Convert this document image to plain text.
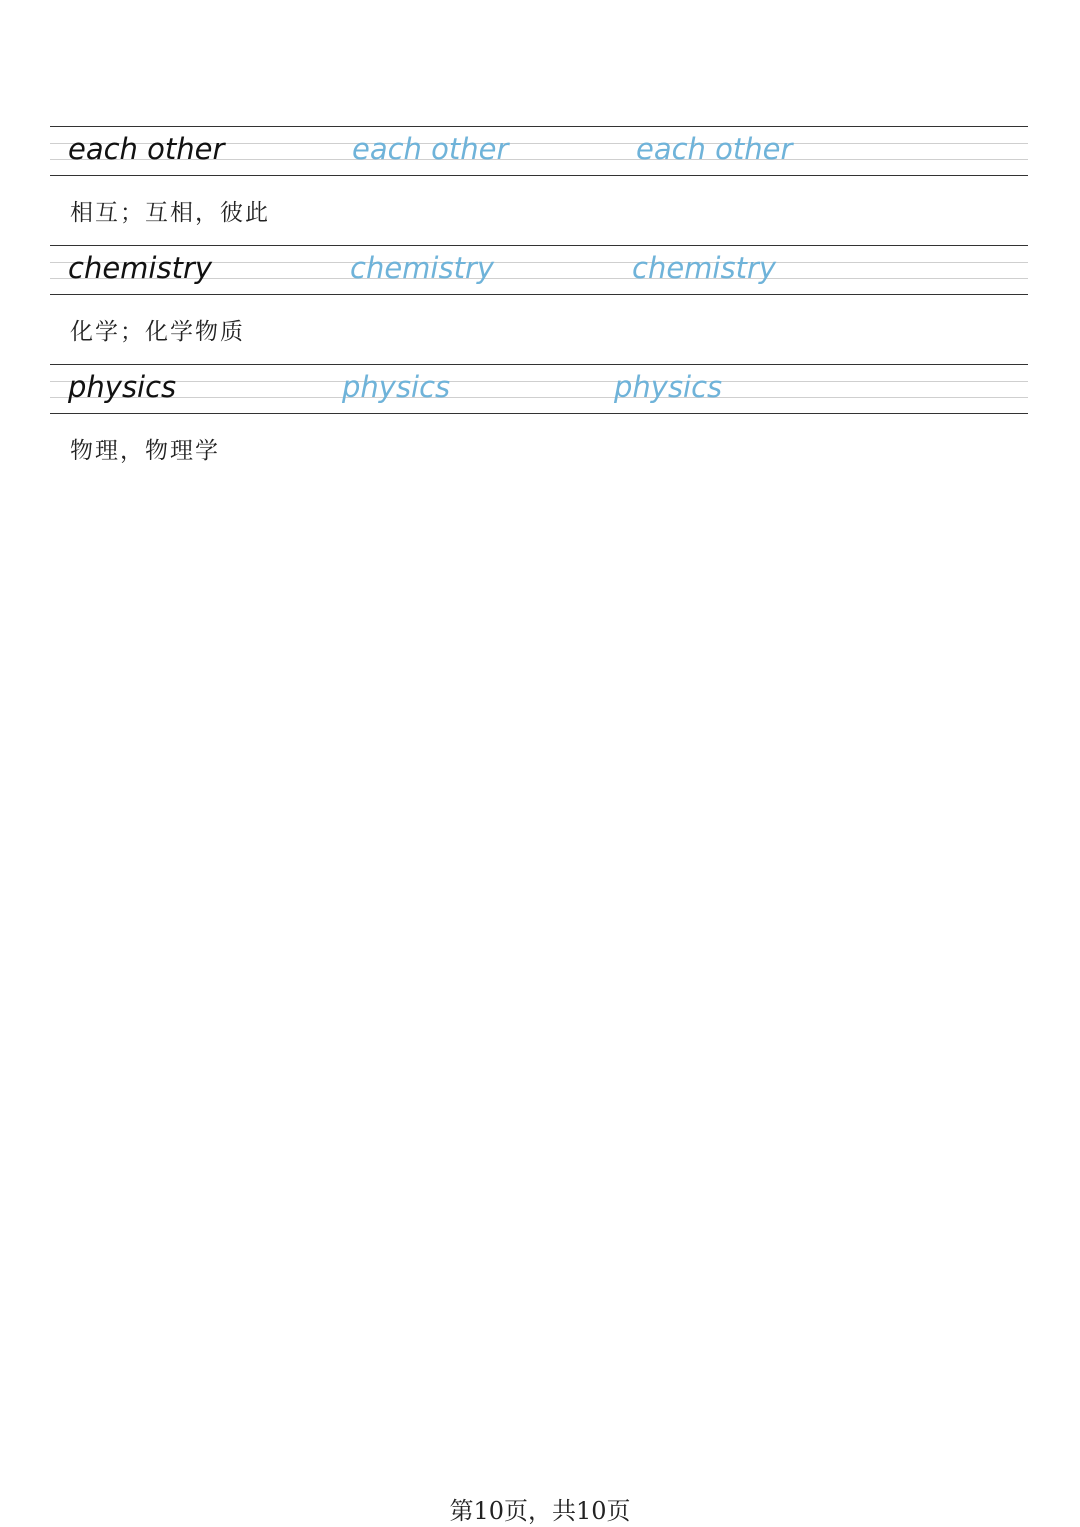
each other	each other	each other
相互；互相，彼此
chemistry	chemistry	chemistry
化学；化学物质
physics	physics	physics
物理，物理学
第10页，共10页
